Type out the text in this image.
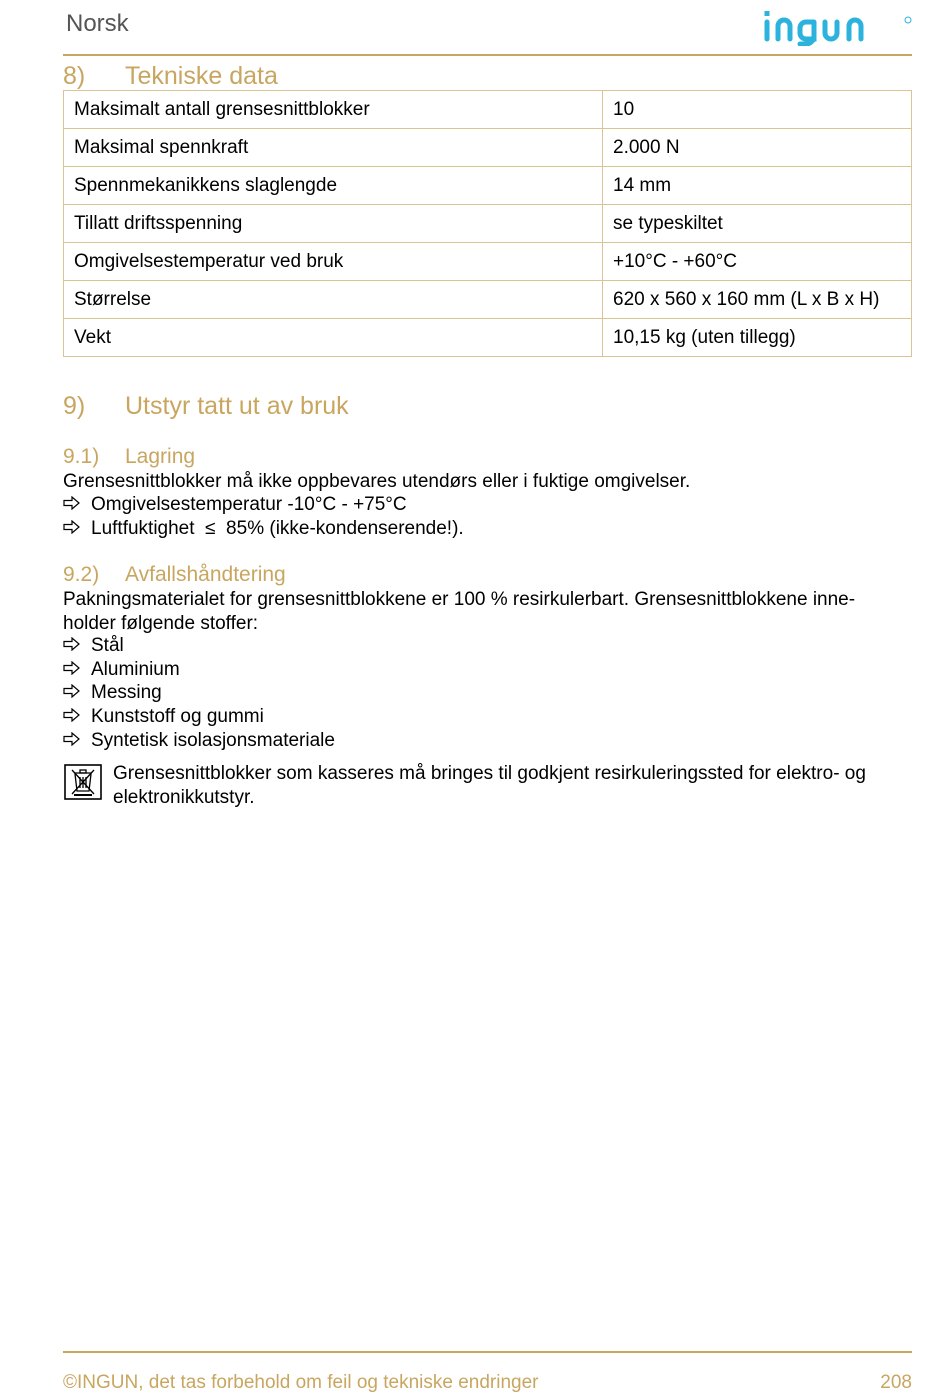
Norsk
8) Tekniske data
Maksimalt antall grensesnittblokker	10
Maksimal spennkraft	2.000 N
Spennmekanikkens slaglengde	14 mm
Tillatt driftsspenning	se typeskiltet
Omgivelsestemperatur ved bruk	+10°C - +60°C
Størrelse	620 x 560 x 160 mm (L x B x H)
Vekt	10,15 kg (uten tillegg)
9) Utstyr tatt ut av bruk
9.1) Lagring
Grensesnittblokker må ikke oppbevares utendørs eller i fuktige omgivelser.
Omgivelsestemperatur -10°C - +75°C
Luftfuktighet  ≤  85% (ikke-kondenserende!).
9.2) Avfallshåndtering
Pakningsmaterialet for grensesnittblokkene er 100 % resirkulerbart. Grensesnittblokkene inne-
holder følgende stoffer:
Stål
Aluminium
Messing
Kunststoff og gummi
Syntetisk isolasjonsmateriale
Grensesnittblokker som kasseres må bringes til godkjent resirkuleringssted for elektro- og
elektronikkutstyr.
©INGUN, det tas forbehold om feil og tekniske endringer	208
